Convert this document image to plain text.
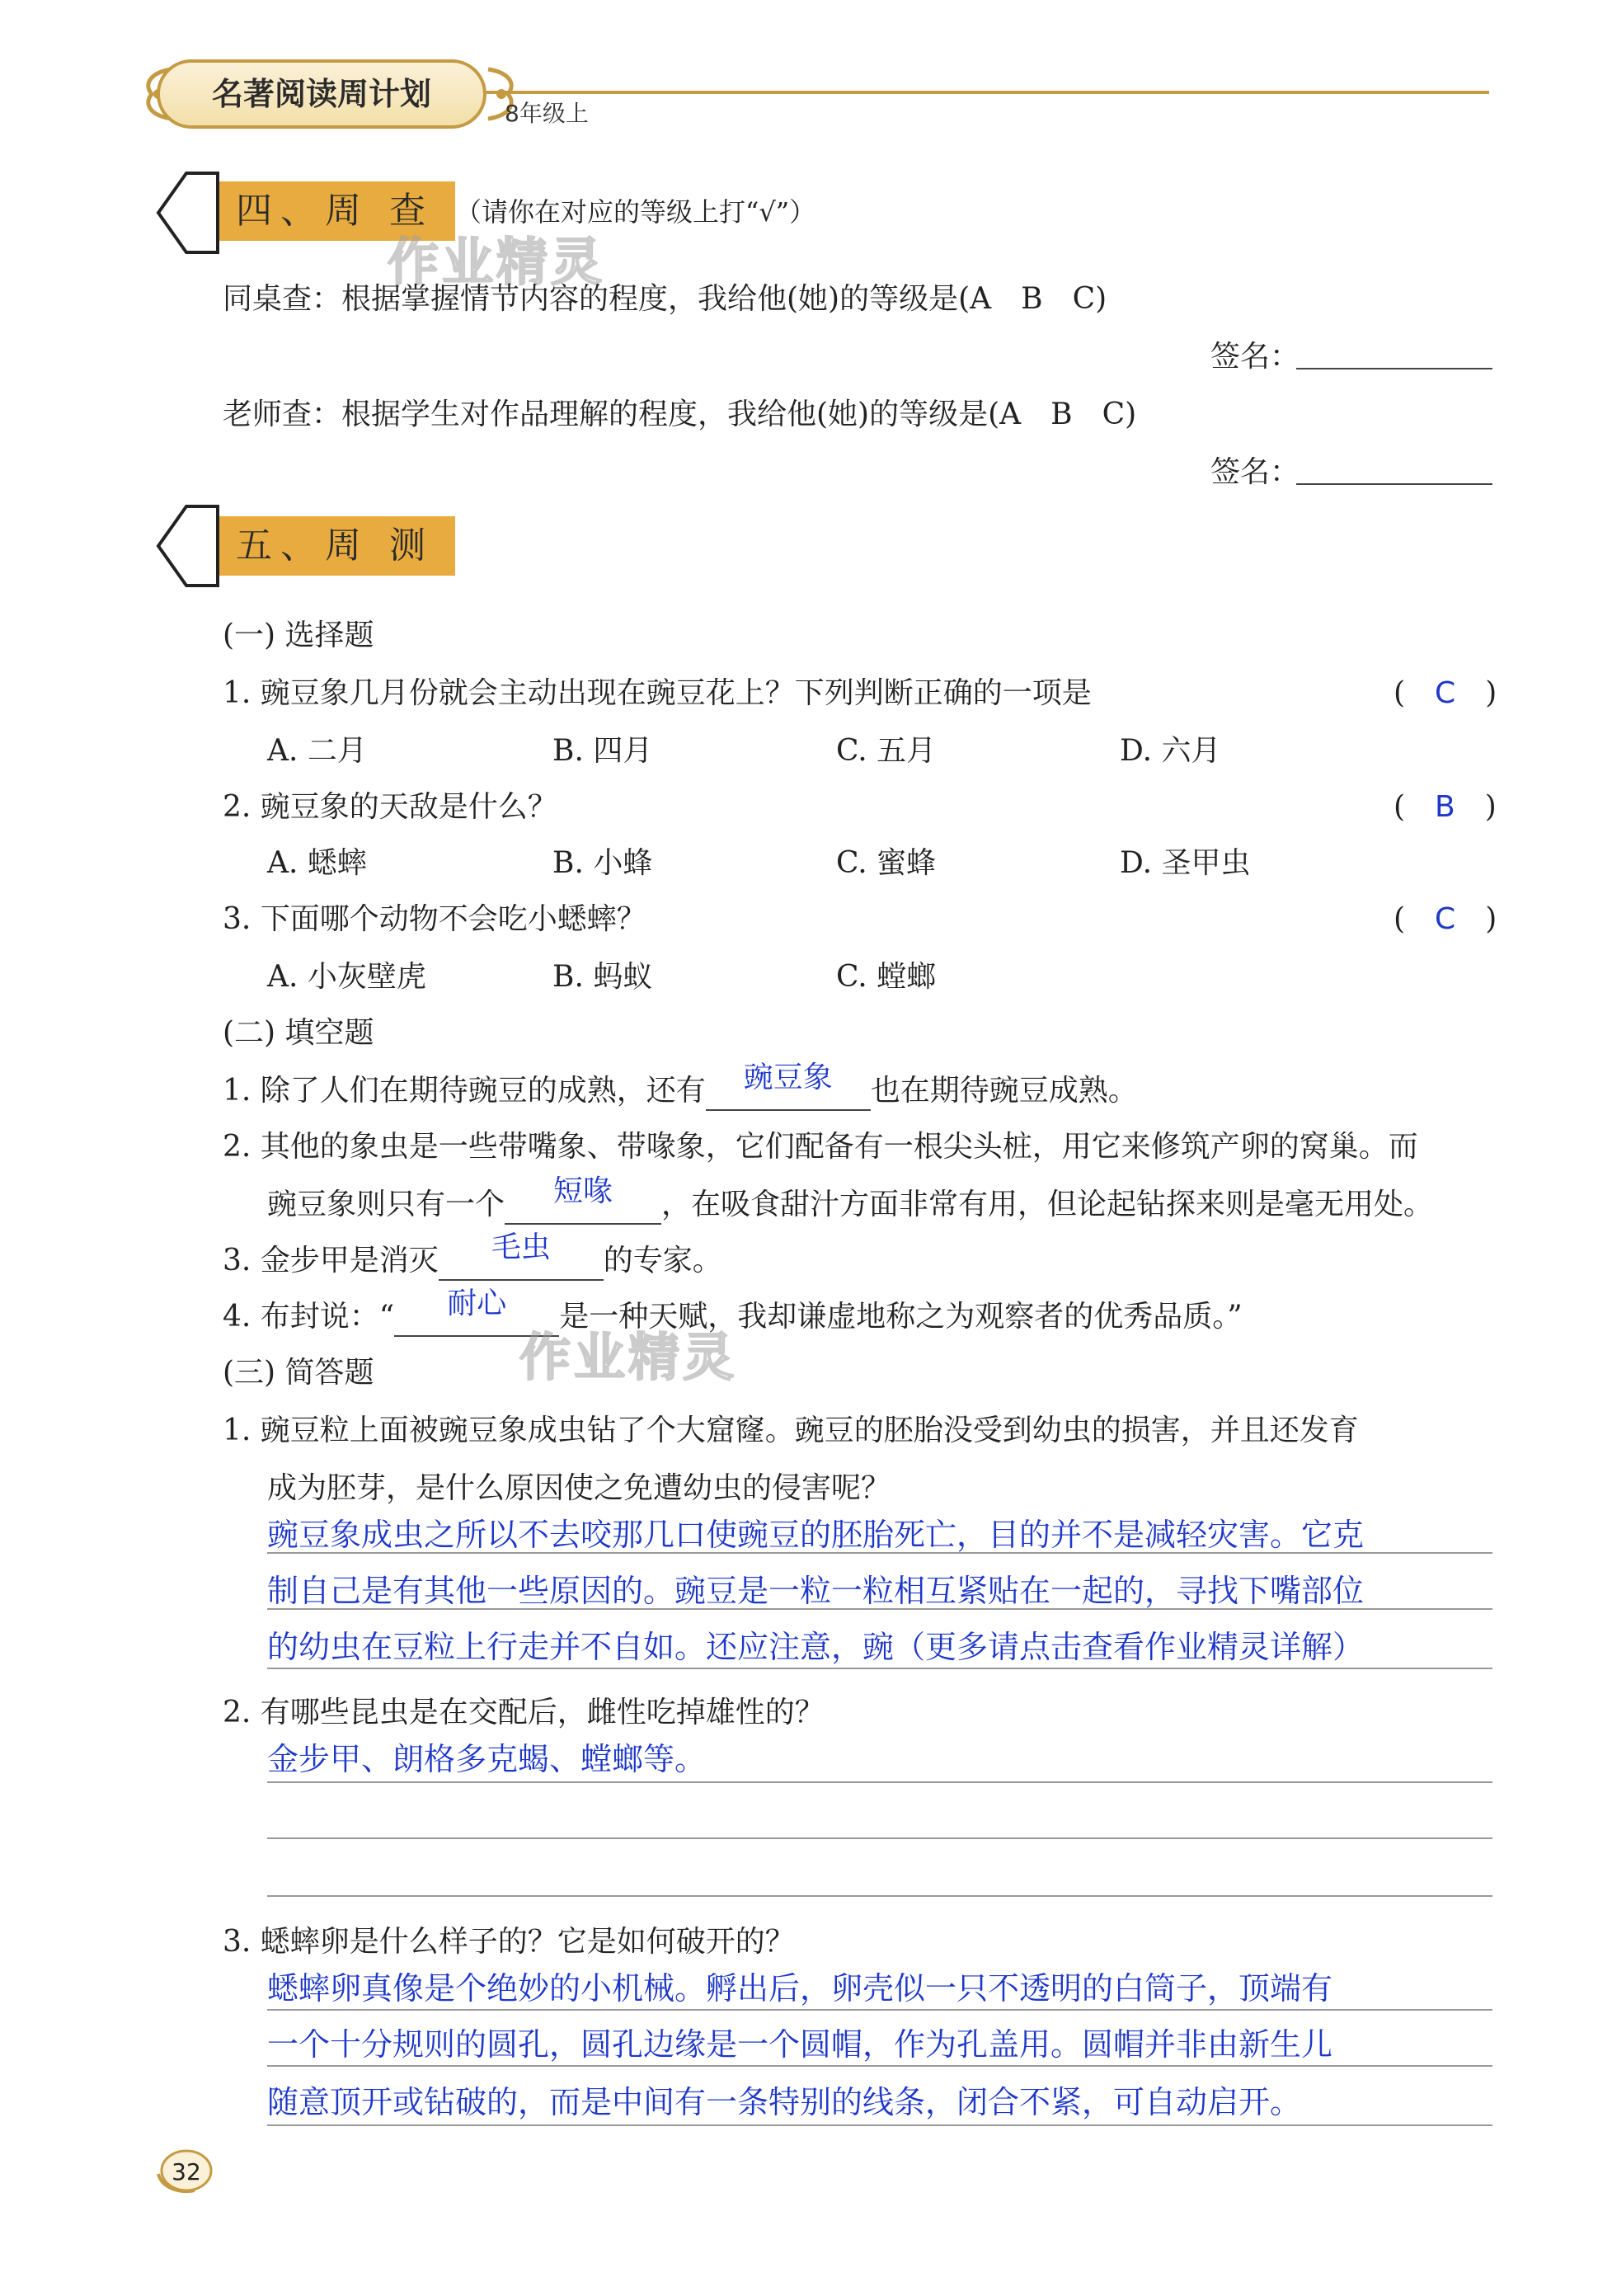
名著阅读周计划
8年级上
四、周 查 （请你在对应的等级上打“√”）
作业精灵
同桌查：根据掌握情节内容的程度，我给他(她)的等级是(A　B　C)
签名：
老师查：根据学生对作品理解的程度，我给他(她)的等级是(A　B　C)
签名：
五、周 测
(一) 选择题
1. 豌豆象几月份就会主动出现在豌豆花上？下列判断正确的一项是	(　C　)
A. 二月	B. 四月	C. 五月	D. 六月
2. 豌豆象的天敌是什么？	(　B　)
A. 蟋蟀	B. 小蜂	C. 蜜蜂	D. 圣甲虫
3. 下面哪个动物不会吃小蟋蟀？	(　C　)
A. 小灰壁虎	B. 蚂蚁	C. 螳螂
(二) 填空题
1. 除了人们在期待豌豆的成熟，还有 豌豆象 也在期待豌豆成熟。
2. 其他的象虫是一些带嘴象、带喙象，它们配备有一根尖头桩，用它来修筑产卵的窝巢。而
豌豆象则只有一个 短喙 ，在吸食甜汁方面非常有用，但论起钻探来则是毫无用处。
3. 金步甲是消灭 毛虫 的专家。
4. 布封说：“ 耐心 是一种天赋，我却谦虚地称之为观察者的优秀品质。”
作业精灵
(三) 简答题
1. 豌豆粒上面被豌豆象成虫钻了个大窟窿。豌豆的胚胎没受到幼虫的损害，并且还发育
成为胚芽，是什么原因使之免遭幼虫的侵害呢？
豌豆象成虫之所以不去咬那几口使豌豆的胚胎死亡，目的并不是减轻灾害。它克
制自己是有其他一些原因的。豌豆是一粒一粒相互紧贴在一起的，寻找下嘴部位
的幼虫在豆粒上行走并不自如。还应注意，豌（更多请点击查看作业精灵详解）
2. 有哪些昆虫是在交配后，雌性吃掉雄性的？
金步甲、朗格多克蝎、螳螂等。
3. 蟋蟀卵是什么样子的？它是如何破开的？
蟋蟀卵真像是个绝妙的小机械。孵出后，卵壳似一只不透明的白筒子，顶端有
一个十分规则的圆孔，圆孔边缘是一个圆帽，作为孔盖用。圆帽并非由新生儿
随意顶开或钻破的，而是中间有一条特别的线条，闭合不紧，可自动启开。
32
